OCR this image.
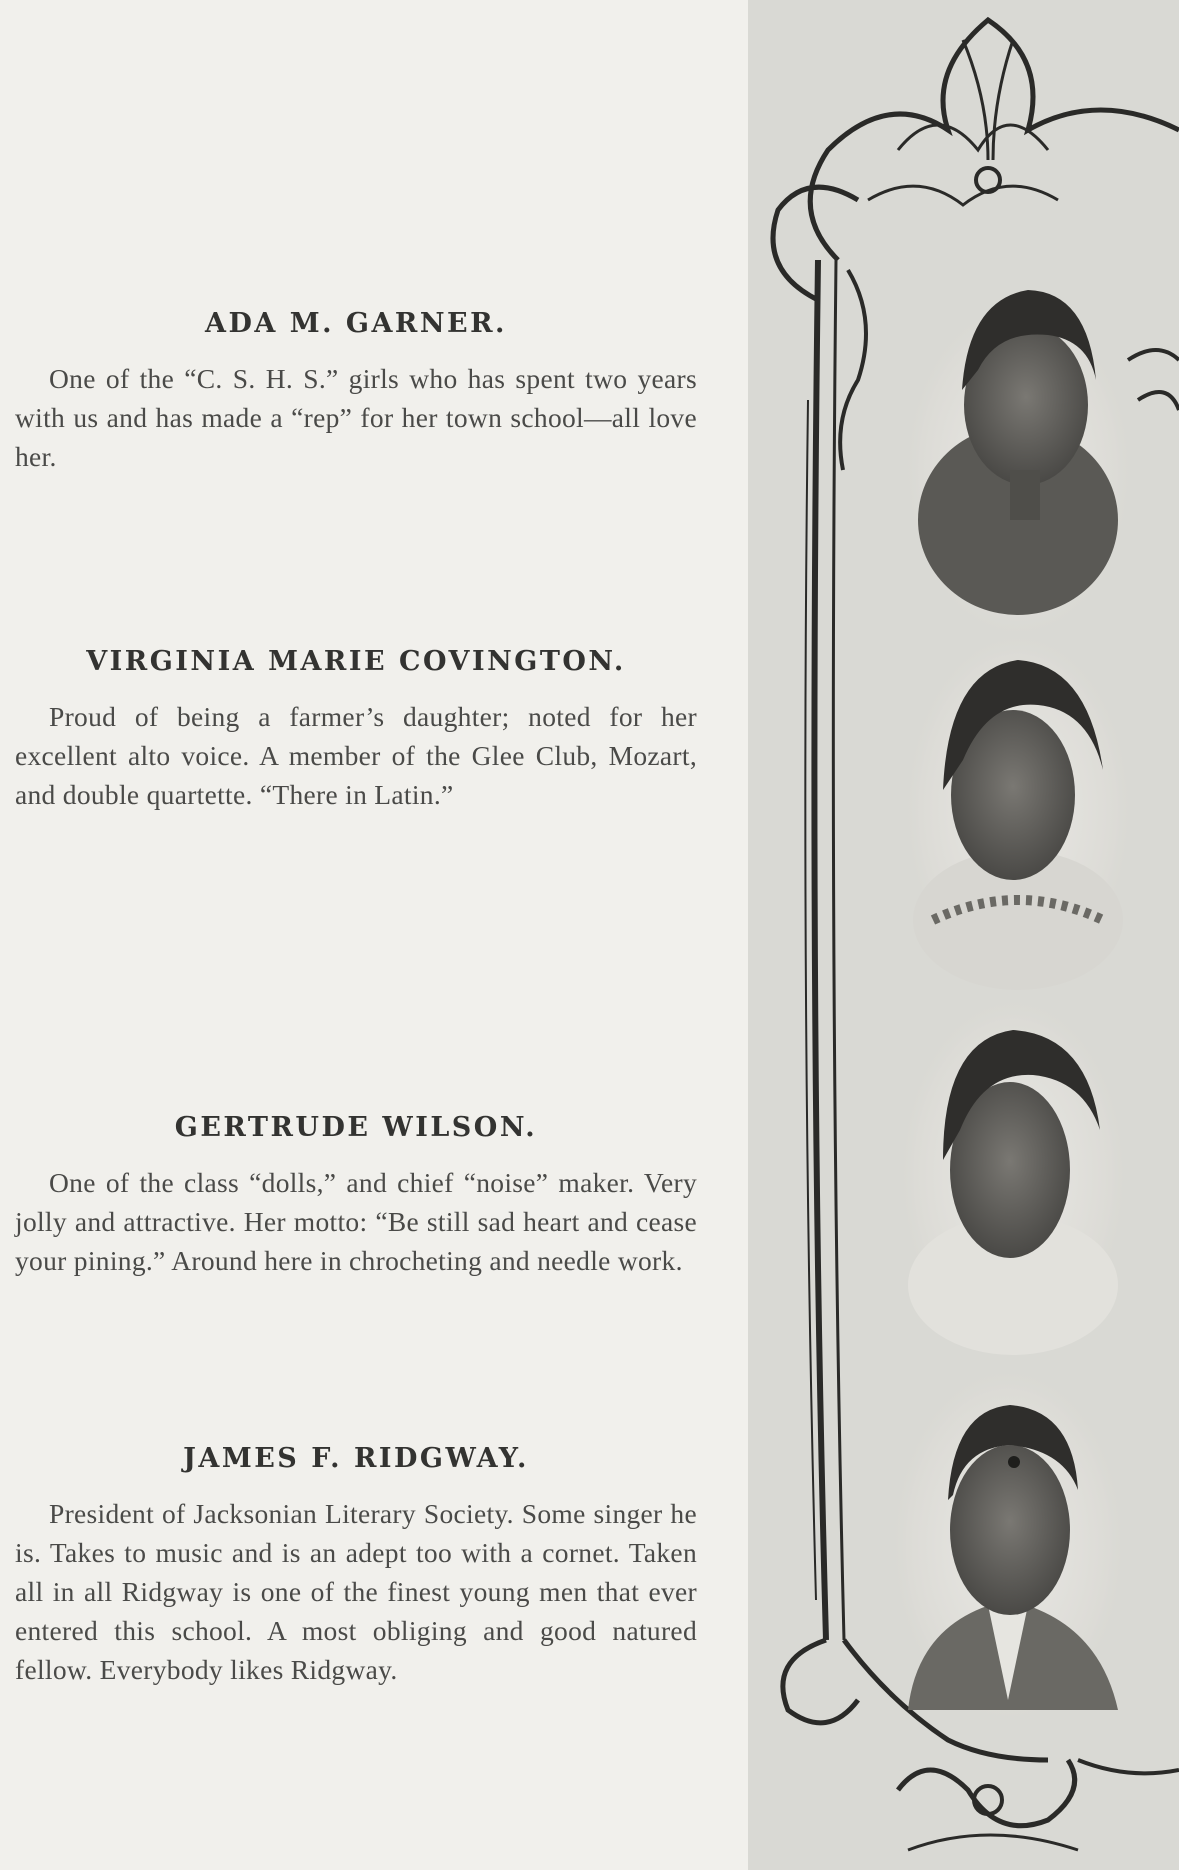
ADA M. GARNER.

One of the “C. S. H. S.” girls who has spent two years with us and has made a “rep” for her town school—all love her.

VIRGINIA MARIE COVINGTON.

Proud of being a farmer’s daughter; noted for her excellent alto voice. A member of the Glee Club, Mozart, and double quartette. “There in Latin.”

GERTRUDE WILSON.

One of the class “dolls,” and chief “noise” maker. Very jolly and attractive. Her motto: “Be still sad heart and cease your pining.” Around here in chrocheting and needle work.

JAMES F. RIDGWAY.

President of Jacksonian Literary Society. Some singer he is. Takes to music and is an adept too with a cornet. Taken all in all Ridgway is one of the finest young men that ever entered this school. A most obliging and good natured fellow. Everybody likes Ridgway.
